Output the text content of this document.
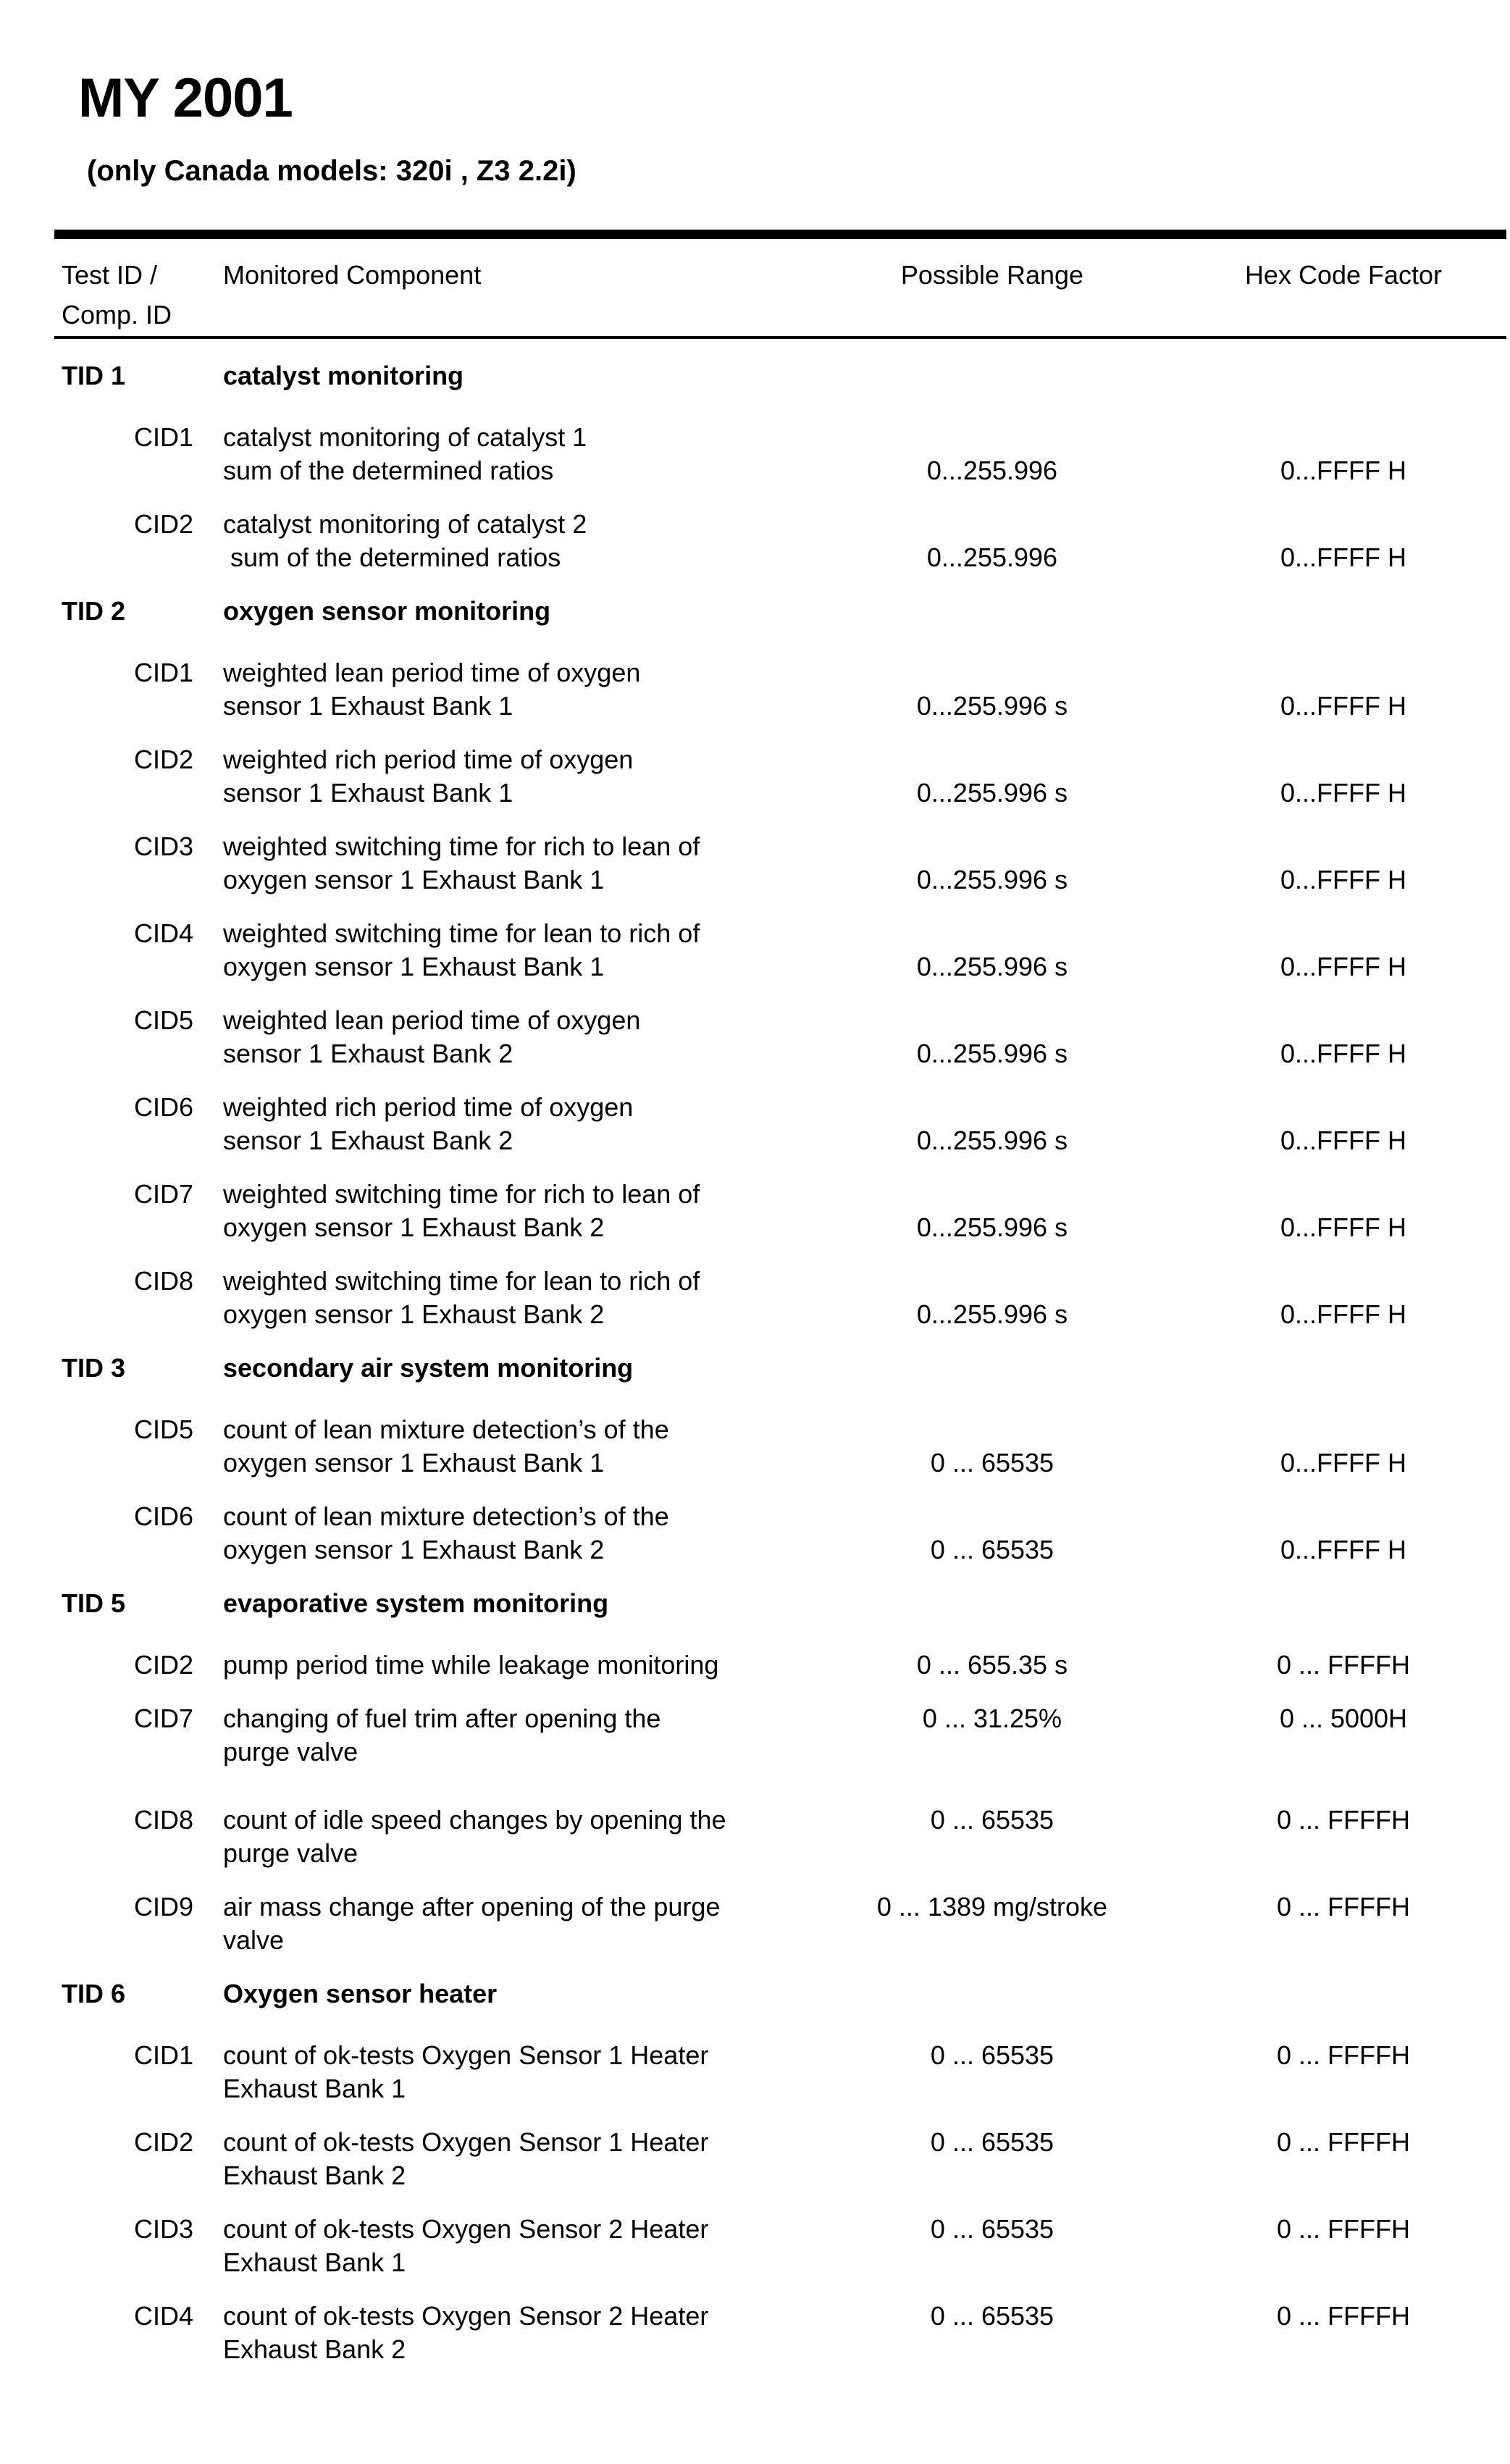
MY 2001
(only Canada models: 320i , Z3 2.2i)
Test ID /
Comp. ID
Monitored Component	Possible Range	Hex Code Factor
TID 1	catalyst monitoring
CID1	catalyst monitoring of catalyst 1
sum of the determined ratios	0...255.996	0...FFFF H
CID2	catalyst monitoring of catalyst 2
sum of the determined ratios	0...255.996	0...FFFF H
TID 2	oxygen sensor monitoring
CID1	weighted lean period time of oxygen
sensor 1 Exhaust Bank 1	0...255.996 s	0...FFFF H
CID2	weighted rich period time of oxygen
sensor 1 Exhaust Bank 1	0...255.996 s	0...FFFF H
CID3	weighted switching time for rich to lean of
oxygen sensor 1 Exhaust Bank 1	0...255.996 s	0...FFFF H
CID4	weighted switching time for lean to rich of
oxygen sensor 1 Exhaust Bank 1	0...255.996 s	0...FFFF H
CID5	weighted lean period time of oxygen
sensor 1 Exhaust Bank 2	0...255.996 s	0...FFFF H
CID6	weighted rich period time of oxygen
sensor 1 Exhaust Bank 2	0...255.996 s	0...FFFF H
CID7	weighted switching time for rich to lean of
oxygen sensor 1 Exhaust Bank 2	0...255.996 s	0...FFFF H
CID8	weighted switching time for lean to rich of
oxygen sensor 1 Exhaust Bank 2	0...255.996 s	0...FFFF H
TID 3	secondary air system monitoring
CID5	count of lean mixture detection’s of the
oxygen sensor 1 Exhaust Bank 1	0 ... 65535	0...FFFF H
CID6	count of lean mixture detection’s of the
oxygen sensor 1 Exhaust Bank 2	0 ... 65535	0...FFFF H
TID 5	evaporative system monitoring
CID2	pump period time while leakage monitoring	0 ... 655.35 s	0 ... FFFFH
CID7	changing of fuel trim after opening the
purge valve
0 ... 31.25%	0 ... 5000H
CID8	count of idle speed changes by opening the
purge valve
0 ... 65535	0 ... FFFFH
CID9	air mass change after opening of the purge
valve
0 ... 1389 mg/stroke	0 ... FFFFH
TID 6	Oxygen sensor heater
CID1	count of ok-tests Oxygen Sensor 1 Heater
Exhaust Bank 1
0 ... 65535	0 ... FFFFH
CID2	count of ok-tests Oxygen Sensor 1 Heater
Exhaust Bank 2
0 ... 65535	0 ... FFFFH
CID3	count of ok-tests Oxygen Sensor 2 Heater
Exhaust Bank 1
0 ... 65535	0 ... FFFFH
CID4	count of ok-tests Oxygen Sensor 2 Heater
Exhaust Bank 2
0 ... 65535	0 ... FFFFH
